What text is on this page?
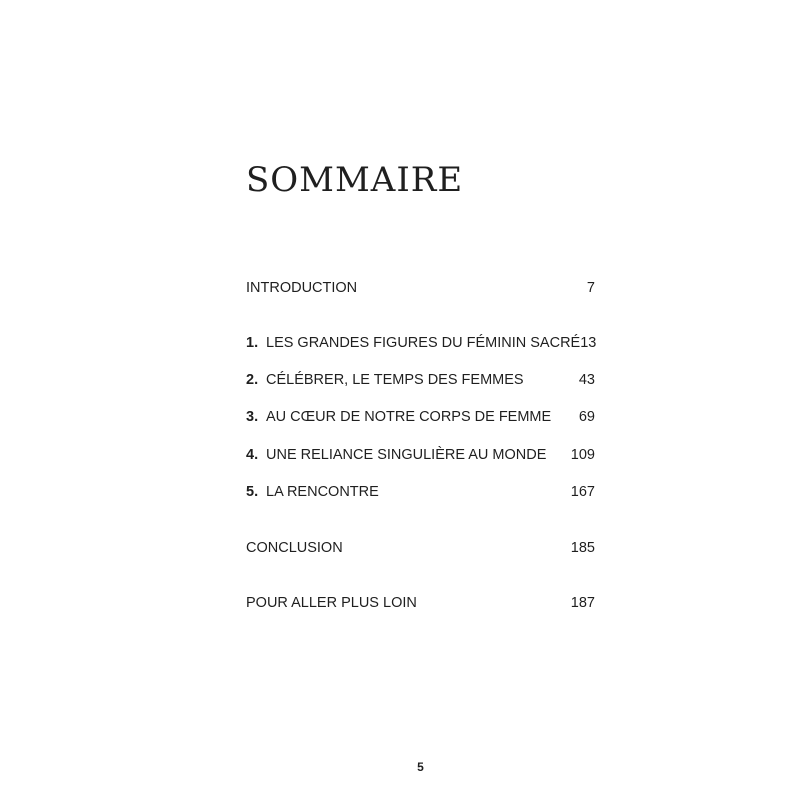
SOMMAIRE
INTRODUCTION	7
1. LES GRANDES FIGURES DU FÉMININ SACRÉ 13
2. CÉLÉBRER, LE TEMPS DES FEMMES	43
3. AU CŒUR DE NOTRE CORPS DE FEMME 69
4. UNE RELIANCE SINGULIÈRE AU MONDE 109
5. LA RENCONTRE	167
CONCLUSION	185
POUR ALLER PLUS LOIN	187
5
